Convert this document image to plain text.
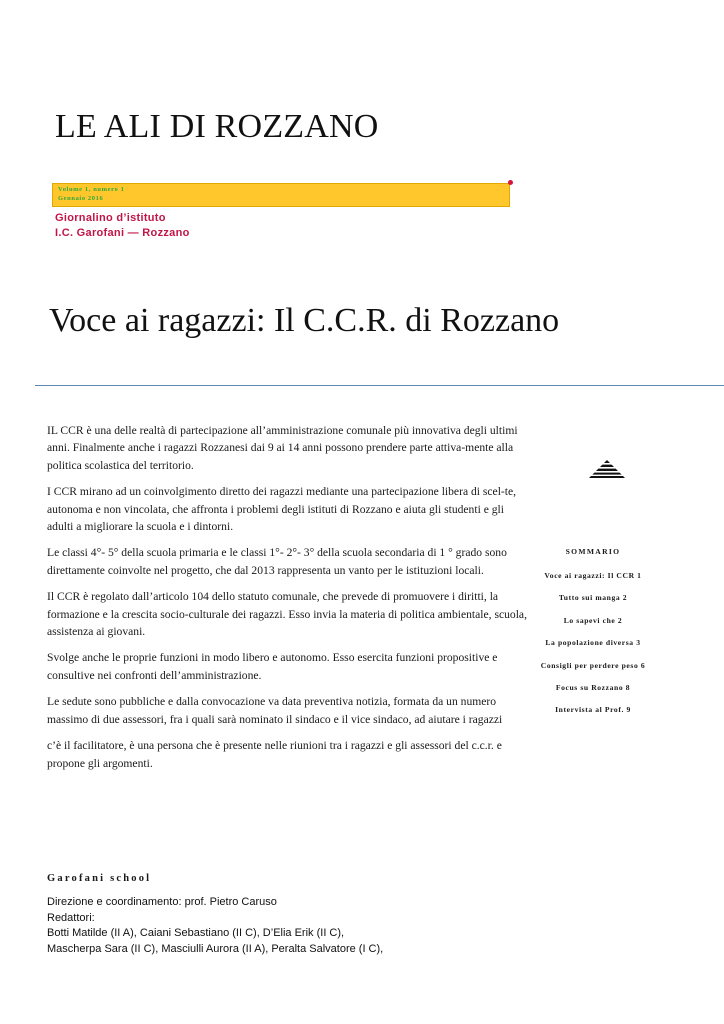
LE ALI DI ROZZANO
Volume 1, numero 1
Gennaio 2016
Giornalino d’istituto
I.C. Garofani — Rozzano
Voce ai ragazzi: Il C.C.R. di Rozzano

IL CCR è una delle realtà di partecipazione all’amministrazione comunale più innovativa degli ultimi anni. Finalmente anche i ragazzi Rozzanesi dai 9 ai 14 anni possono prendere parte attiva-mente alla politica scolastica del territorio.

I CCR mirano ad un coinvolgimento diretto dei ragazzi mediante una partecipazione libera di scel-te, autonoma e non vincolata, che affronta i problemi degli istituti di Rozzano e aiuta gli studenti e gli adulti a migliorare la scuola e i dintorni.

Le classi 4°- 5° della scuola primaria e le classi 1°- 2°- 3° della scuola secondaria di 1 ° grado sono direttamente coinvolte nel progetto, che dal 2013 rappresenta un vanto per le istituzioni locali.

Il CCR è regolato dall’articolo 104 dello statuto comunale, che prevede di promuovere i diritti, la formazione e la crescita socio-culturale dei ragazzi. Esso invia la materia di politica ambientale, scuola, assistenza ai giovani.

Svolge anche le proprie funzioni in modo libero e autonomo. Esso esercita funzioni propositive e consultive nei confronti dell’amministrazione.

Le sedute sono pubbliche e dalla convocazione va data preventiva notizia, formata da un numero massimo di due assessori, fra i quali sarà nominato il sindaco e il vice sindaco, ad aiutare i ragazzi

c’è il facilitatore, è una persona che è presente nelle riunioni tra i ragazzi e gli assessori del c.c.r. e propone gli argomenti.

SOMMARIO
Voce ai ragazzi: Il CCR 1
Tutto sui manga 2
Lo sapevi che 2
La popolazione diversa 3
Consigli per perdere peso 6
Focus su Rozzano 8
Intervista al Prof. 9
Garofani school
Direzione e coordinamento: prof. Pietro Caruso
Redattori:
Botti Matilde (II A), Caiani Sebastiano (II C), D’Elia Erik (II C),
Mascherpa Sara (II C), Masciulli Aurora (II A), Peralta Salvatore (I C),
